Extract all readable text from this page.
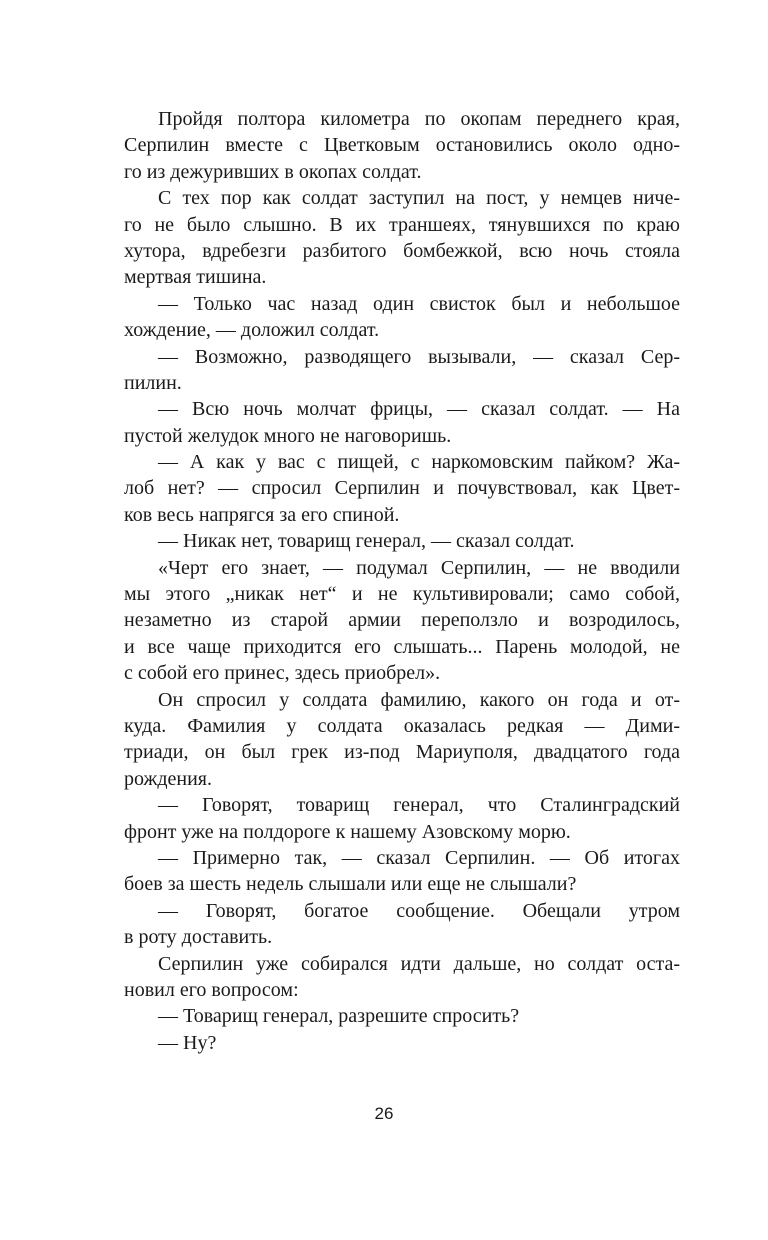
Пройдя полтора километра по окопам переднего края,
Серпилин вместе с Цветковым остановились около одно-
го из дежуривших в окопах солдат.
С тех пор как солдат заступил на пост, у немцев ниче-
го не было слышно. В их траншеях, тянувшихся по краю
хутора, вдребезги разбитого бомбежкой, всю ночь стояла
мертвая тишина.
— Только час назад один свисток был и небольшое
хождение, — доложил солдат.
— Возможно, разводящего вызывали, — сказал Сер-
пилин.
— Всю ночь молчат фрицы, — сказал солдат. — На
пустой желудок много не наговоришь.
— А как у вас с пищей, с наркомовским пайком? Жа-
лоб нет? — спросил Серпилин и почувствовал, как Цвет-
ков весь напрягся за его спиной.
— Никак нет, товарищ генерал, — сказал солдат.
«Черт его знает, — подумал Серпилин, — не вводили
мы этого „никак нет“ и не культивировали; само собой,
незаметно из старой армии переползло и возродилось,
и все чаще приходится его слышать... Парень молодой, не
с собой его принес, здесь приобрел».
Он спросил у солдата фамилию, какого он года и от-
куда. Фамилия у солдата оказалась редкая — Дими-
триади, он был грек из-под Мариуполя, двадцатого года
рождения.
— Говорят, товарищ генерал, что Сталинградский
фронт уже на полдороге к нашему Азовскому морю.
— Примерно так, — сказал Серпилин. — Об итогах
боев за шесть недель слышали или еще не слышали?
— Говорят, богатое сообщение. Обещали утром
в роту доставить.
Серпилин уже собирался идти дальше, но солдат оста-
новил его вопросом:
— Товарищ генерал, разрешите спросить?
— Ну?
26
